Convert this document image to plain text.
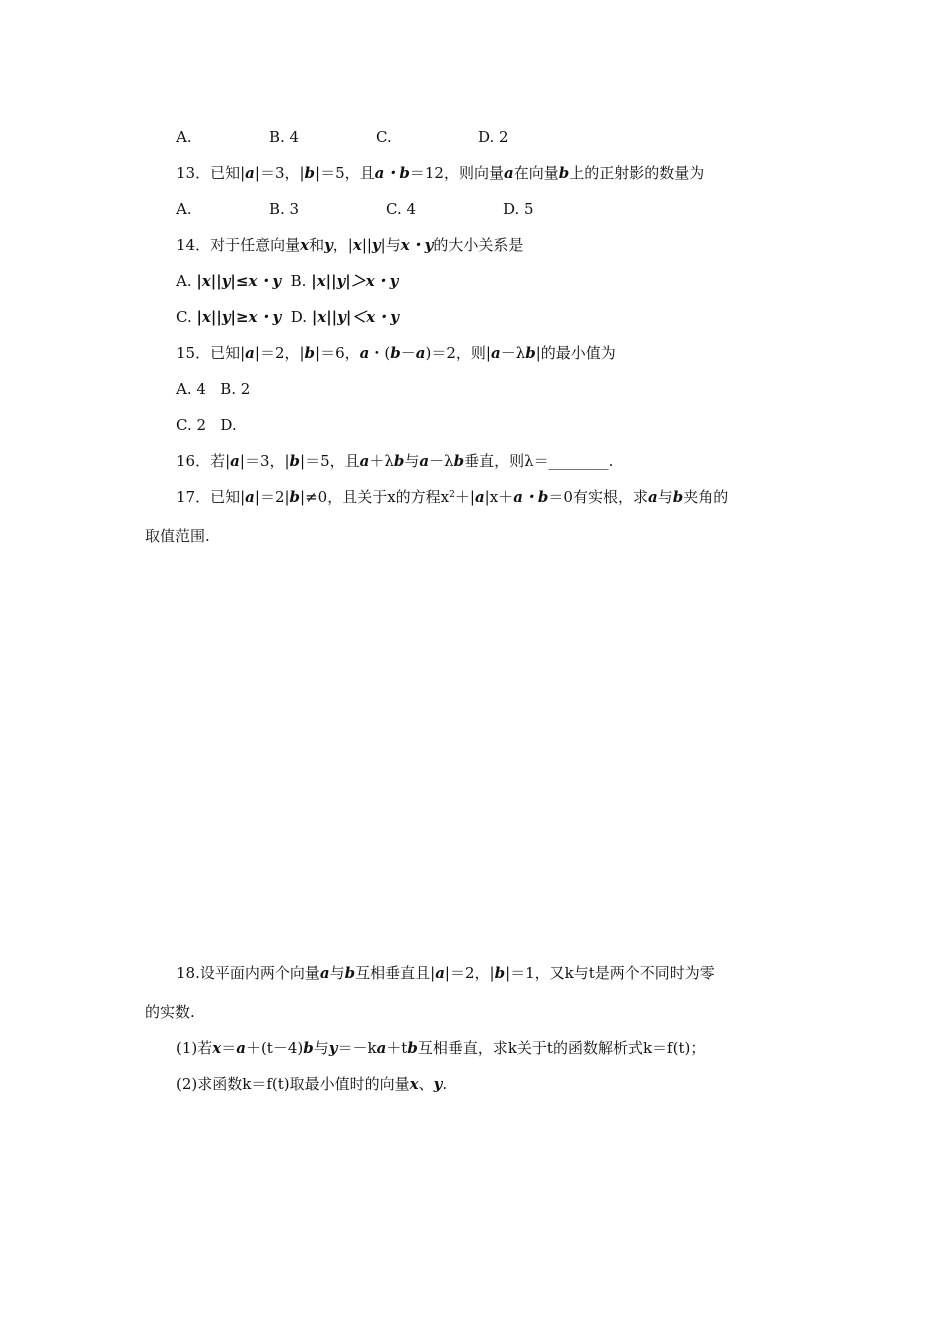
A.	B. 4	C.	D. 2
13．已知|a|＝3，|b|＝5，且a・b＝12，则向量a在向量b上的正射影的数量为
A.	B. 3	C. 4	D. 5
14．对于任意向量x和y，|x||y|与x・y的大小关系是
A. |x||y|≤x・y B. |x||y|＞x・y
C. |x||y|≥x・y D. |x||y|＜x・y
15．已知|a|＝2，|b|＝6，a・(b－a)＝2，则|a－λb|的最小值为
A. 4   B. 2
C. 2   D.
16．若|a|＝3，|b|＝5，且a＋λb与a－λb垂直，则λ＝________.
17．已知|a|＝2|b|≠0，且关于x的方程$x^2+|a|x+a$・b＝0有实根，求a与b夹角的
取值范围.
18.设平面内两个向量a与b互相垂直且|a|＝2，|b|＝1，又k与t是两个不同时为零
的实数.
(1)若x＝a＋(t－4)b与y＝－ka＋tb互相垂直，求k关于t的函数解析式k＝f(t)；
(2)求函数k＝f(t)取最小值时的向量x、y.
